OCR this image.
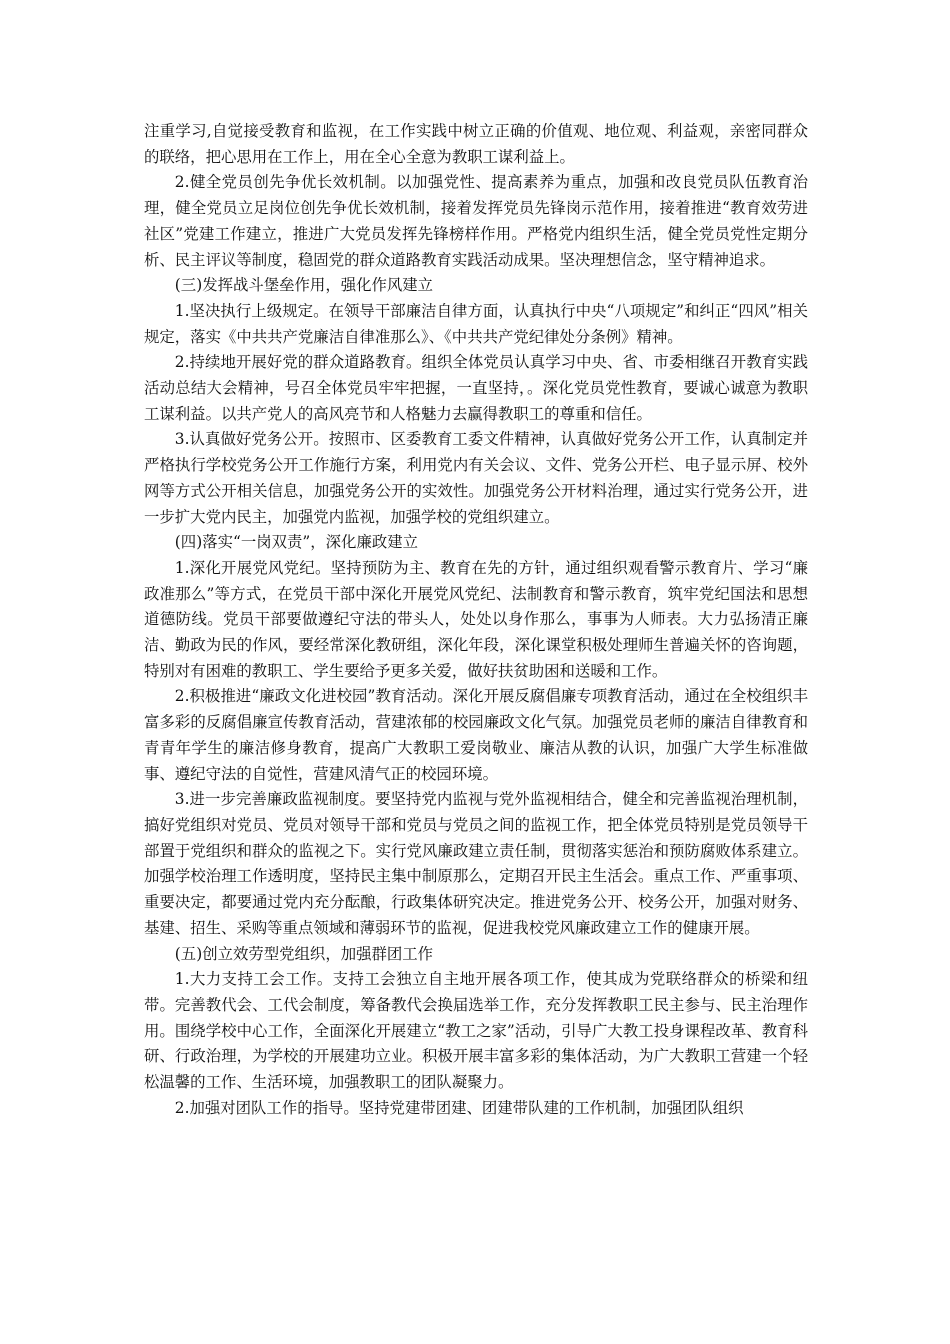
注重学习,自觉接受教育和监视，在工作实践中树立正确的价值观、地位观、利益观，亲密同群众的联络，把心思用在工作上，用在全心全意为教职工谋利益上。

2.健全党员创先争优长效机制。以加强党性、提高素养为重点，加强和改良党员队伍教育治理，健全党员立足岗位创先争优长效机制，接着发挥党员先锋岗示范作用，接着推进“教育效劳进社区”党建工作建立，推进广大党员发挥先锋榜样作用。严格党内组织生活，健全党员党性定期分析、民主评议等制度，稳固党的群众道路教育实践活动成果。坚决理想信念，坚守精神追求。

(三)发挥战斗堡垒作用，强化作风建立

1.坚决执行上级规定。在领导干部廉洁自律方面，认真执行中央“八项规定”和纠正“四风”相关规定，落实《中共共产党廉洁自律准那么》、《中共共产党纪律处分条例》精神。

2.持续地开展好党的群众道路教育。组织全体党员认真学习中央、省、市委相继召开教育实践活动总结大会精神，号召全体党员牢牢把握，一直坚持，。深化党员党性教育，要诚心诚意为教职工谋利益。以共产党人的高风亮节和人格魅力去赢得教职工的尊重和信任。

3.认真做好党务公开。按照市、区委教育工委文件精神，认真做好党务公开工作，认真制定并严格执行学校党务公开工作施行方案，利用党内有关会议、文件、党务公开栏、电子显示屏、校外网等方式公开相关信息，加强党务公开的实效性。加强党务公开材料治理，通过实行党务公开，进一步扩大党内民主，加强党内监视，加强学校的党组织建立。

(四)落实“一岗双责”，深化廉政建立

1.深化开展党风党纪。坚持预防为主、教育在先的方针，通过组织观看警示教育片、学习“廉政准那么”等方式，在党员干部中深化开展党风党纪、法制教育和警示教育，筑牢党纪国法和思想道德防线。党员干部要做遵纪守法的带头人，处处以身作那么，事事为人师表。大力弘扬清正廉洁、勤政为民的作风，要经常深化教研组，深化年段，深化课堂积极处理师生普遍关怀的咨询题，特别对有困难的教职工、学生要给予更多关爱，做好扶贫助困和送暖和工作。

2.积极推进“廉政文化进校园”教育活动。深化开展反腐倡廉专项教育活动，通过在全校组织丰富多彩的反腐倡廉宣传教育活动，营建浓郁的校园廉政文化气氛。加强党员老师的廉洁自律教育和青青年学生的廉洁修身教育，提高广大教职工爱岗敬业、廉洁从教的认识，加强广大学生标准做事、遵纪守法的自觉性，营建风清气正的校园环境。

3.进一步完善廉政监视制度。要坚持党内监视与党外监视相结合，健全和完善监视治理机制，搞好党组织对党员、党员对领导干部和党员与党员之间的监视工作，把全体党员特别是党员领导干部置于党组织和群众的监视之下。实行党风廉政建立责任制，贯彻落实惩治和预防腐败体系建立。加强学校治理工作透明度，坚持民主集中制原那么，定期召开民主生活会。重点工作、严重事项、重要决定，都要通过党内充分酝酿，行政集体研究决定。推进党务公开、校务公开，加强对财务、基建、招生、采购等重点领域和薄弱环节的监视，促进我校党风廉政建立工作的健康开展。

(五)创立效劳型党组织，加强群团工作

1.大力支持工会工作。支持工会独立自主地开展各项工作，使其成为党联络群众的桥梁和纽带。完善教代会、工代会制度，筹备教代会换届选举工作，充分发挥教职工民主参与、民主治理作用。围绕学校中心工作，全面深化开展建立“教工之家”活动，引导广大教工投身课程改革、教育科研、行政治理，为学校的开展建功立业。积极开展丰富多彩的集体活动，为广大教职工营建一个轻松温馨的工作、生活环境，加强教职工的团队凝聚力。

2.加强对团队工作的指导。坚持党建带团建、团建带队建的工作机制，加强团队组织
